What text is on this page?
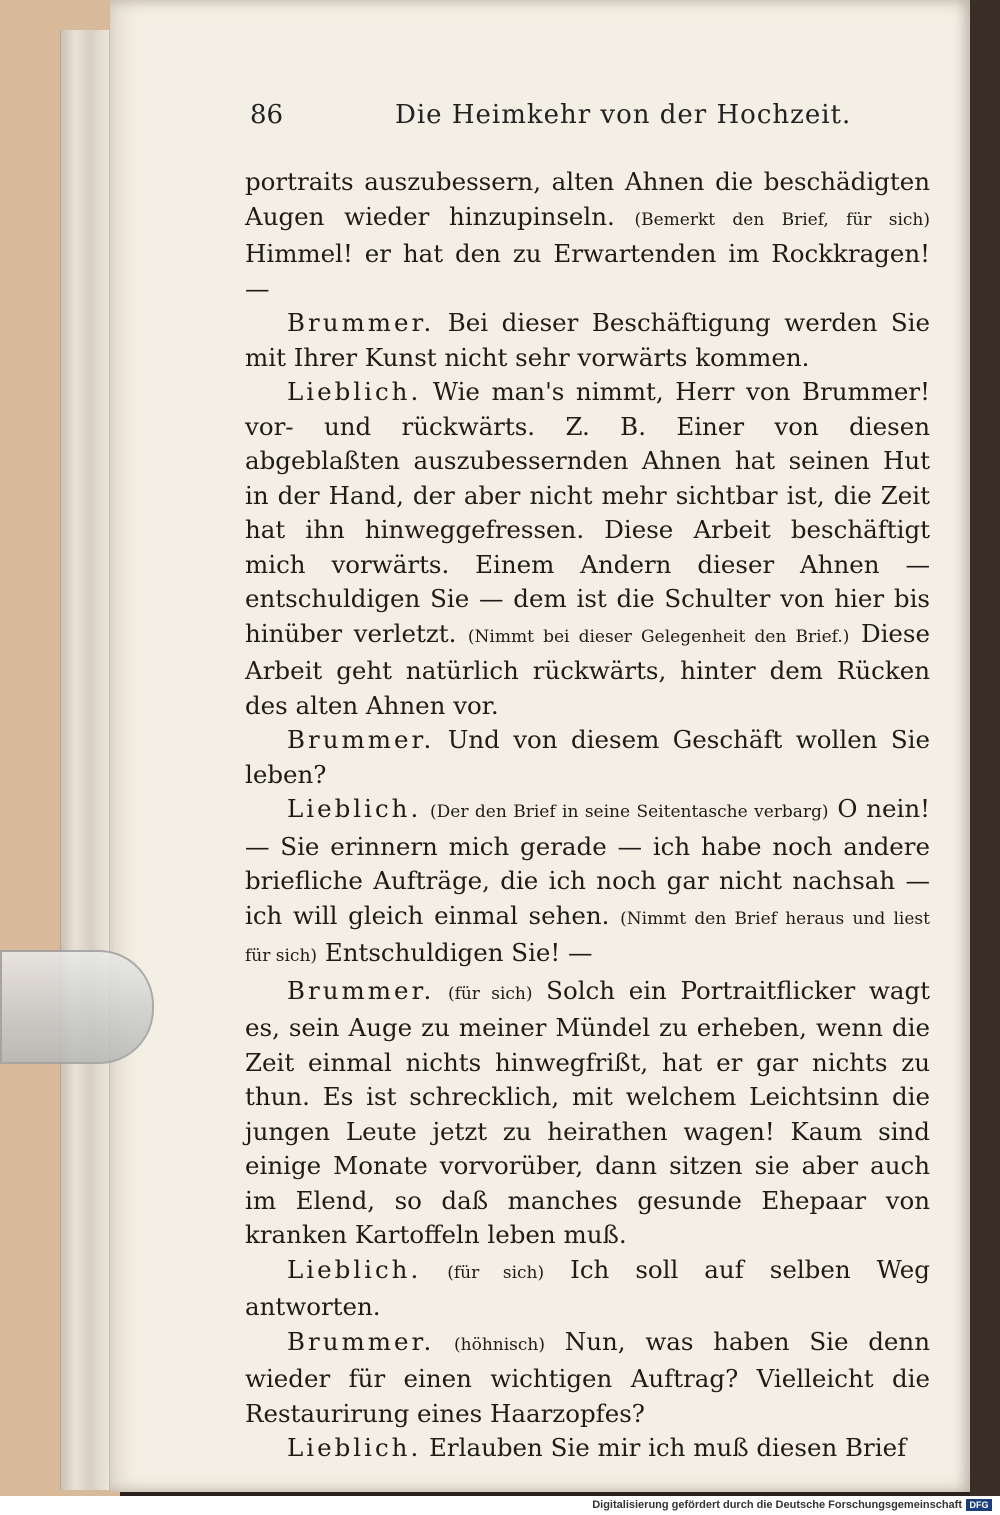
86	Die Heimkehr von der Hochzeit.

portraits auszubessern, alten Ahnen die beschädigten Augen wieder hinzupinseln. (Bemerkt den Brief, für sich) Himmel! er hat den zu Erwartenden im Rockkragen! —

Brummer. Bei dieser Beschäftigung werden Sie mit Ihrer Kunst nicht sehr vorwärts kommen.

Lieblich. Wie man's nimmt, Herr von Brummer! vor- und rückwärts. Z. B. Einer von diesen abgeblaßten auszubessernden Ahnen hat seinen Hut in der Hand, der aber nicht mehr sichtbar ist, die Zeit hat ihn hinweggefressen. Diese Arbeit beschäftigt mich vorwärts. Einem Andern dieser Ahnen — entschuldigen Sie — dem ist die Schulter von hier bis hinüber verletzt. (Nimmt bei dieser Gelegenheit den Brief.) Diese Arbeit geht natürlich rückwärts, hinter dem Rücken des alten Ahnen vor.

Brummer. Und von diesem Geschäft wollen Sie leben?

Lieblich. (Der den Brief in seine Seitentasche verbarg) O nein! — Sie erinnern mich gerade — ich habe noch andere briefliche Aufträge, die ich noch gar nicht nachsah — ich will gleich einmal sehen. (Nimmt den Brief heraus und liest für sich) Entschuldigen Sie! —

Brummer. (für sich) Solch ein Portraitflicker wagt es, sein Auge zu meiner Mündel zu erheben, wenn die Zeit einmal nichts hinwegfrißt, hat er gar nichts zu thun. Es ist schrecklich, mit welchem Leichtsinn die jungen Leute jetzt zu heirathen wagen! Kaum sind einige Monate vorvorüber, dann sitzen sie aber auch im Elend, so daß manches gesunde Ehepaar von kranken Kartoffeln leben muß.

Lieblich. (für sich) Ich soll auf selben Weg antworten.

Brummer. (höhnisch) Nun, was haben Sie denn wieder für einen wichtigen Auftrag? Vielleicht die Restaurirung eines Haarzopfes?

Lieblich. Erlauben Sie mir ich muß diesen Brief

Digitalisierung gefördert durch die Deutsche Forschungsgemeinschaft DFG
